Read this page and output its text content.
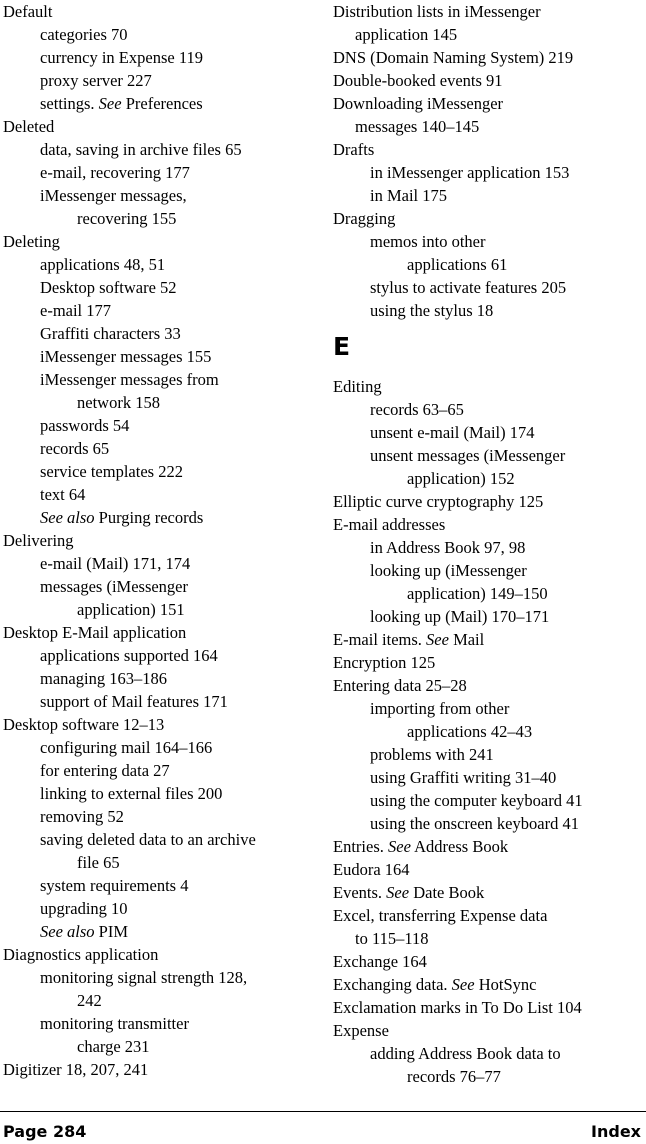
Default
categories 70
currency in Expense 119
proxy server 227
settings. See Preferences
Deleted
data, saving in archive files 65
e-mail, recovering 177
iMessenger messages,
recovering 155
Deleting
applications 48, 51
Desktop software 52
e-mail 177
Graffiti characters 33
iMessenger messages 155
iMessenger messages from
network 158
passwords 54
records 65
service templates 222
text 64
See also Purging records
Delivering
e-mail (Mail) 171, 174
messages (iMessenger
application) 151
Desktop E-Mail application
applications supported 164
managing 163–186
support of Mail features 171
Desktop software 12–13
configuring mail 164–166
for entering data 27
linking to external files 200
removing 52
saving deleted data to an archive
file 65
system requirements 4
upgrading 10
See also PIM
Diagnostics application
monitoring signal strength 128,
242
monitoring transmitter
charge 231
Digitizer 18, 207, 241
Distribution lists in iMessenger
application 145
DNS (Domain Naming System) 219
Double-booked events 91
Downloading iMessenger
messages 140–145
Drafts
in iMessenger application 153
in Mail 175
Dragging
memos into other
applications 61
stylus to activate features 205
using the stylus 18
E
Editing
records 63–65
unsent e-mail (Mail) 174
unsent messages (iMessenger
application) 152
Elliptic curve cryptography 125
E-mail addresses
in Address Book 97, 98
looking up (iMessenger
application) 149–150
looking up (Mail) 170–171
E-mail items. See Mail
Encryption 125
Entering data 25–28
importing from other
applications 42–43
problems with 241
using Graffiti writing 31–40
using the computer keyboard 41
using the onscreen keyboard 41
Entries. See Address Book
Eudora 164
Events. See Date Book
Excel, transferring Expense data
to 115–118
Exchange 164
Exchanging data. See HotSync
Exclamation marks in To Do List 104
Expense
adding Address Book data to
records 76–77
Page 284	Index
